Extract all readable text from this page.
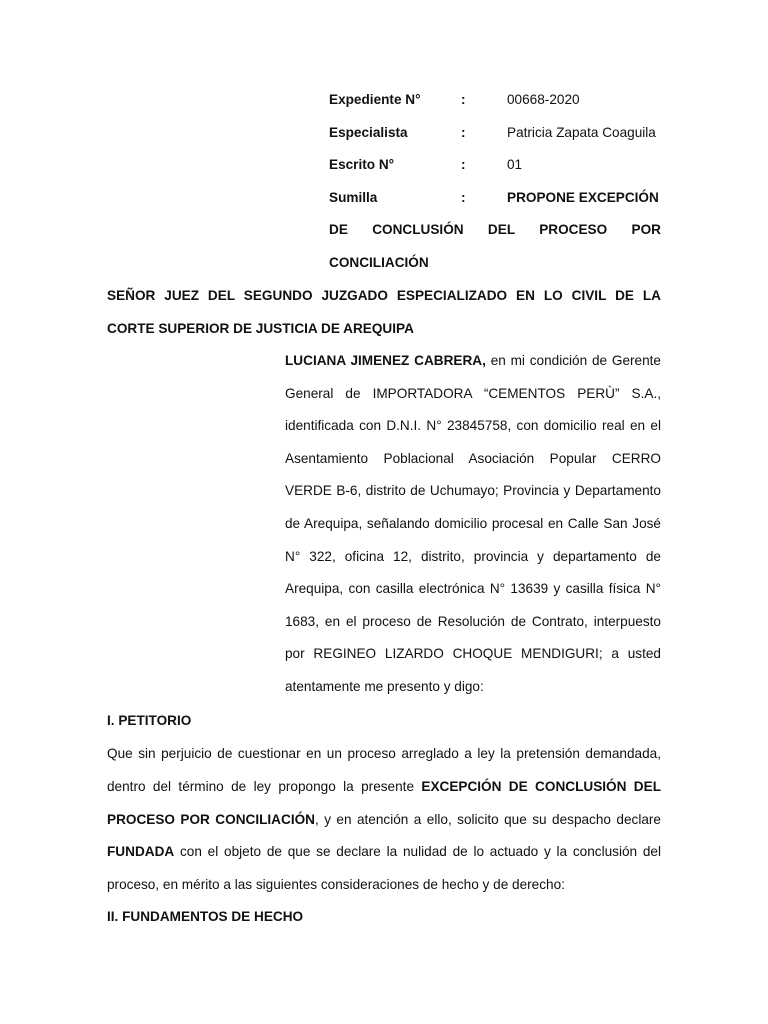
Expediente N°	:	00668-2020
Especialista	:	Patricia Zapata Coaguila
Escrito N°	:	01
Sumilla	:	PROPONE EXCEPCIÓN
DE CONCLUSIÓN DEL PROCESO POR
CONCILIACIÓN
SEÑOR JUEZ DEL SEGUNDO JUZGADO ESPECIALIZADO EN LO CIVIL DE LA
CORTE SUPERIOR DE JUSTICIA DE AREQUIPA
LUCIANA JIMENEZ CABRERA, en mi condición de Gerente General de IMPORTADORA “CEMENTOS PERÙ” S.A., identificada con D.N.I. N° 23845758, con domicilio real en el Asentamiento Poblacional Asociación Popular CERRO VERDE B-6, distrito de Uchumayo; Provincia y Departamento de Arequipa, señalando domicilio procesal en Calle San José N° 322, oficina 12, distrito, provincia y departamento de Arequipa, con casilla electrónica N° 13639 y casilla física N° 1683, en el proceso de Resolución de Contrato, interpuesto por REGINEO LIZARDO CHOQUE MENDIGURI; a usted atentamente me presento y digo:
I. PETITORIO
Que sin perjuicio de cuestionar en un proceso arreglado a ley la pretensión demandada, dentro del término de ley propongo la presente EXCEPCIÓN DE CONCLUSIÓN DEL PROCESO POR CONCILIACIÓN, y en atención a ello, solicito que su despacho declare FUNDADA con el objeto de que se declare la nulidad de lo actuado y la conclusión del proceso, en mérito a las siguientes consideraciones de hecho y de derecho:
II. FUNDAMENTOS DE HECHO
